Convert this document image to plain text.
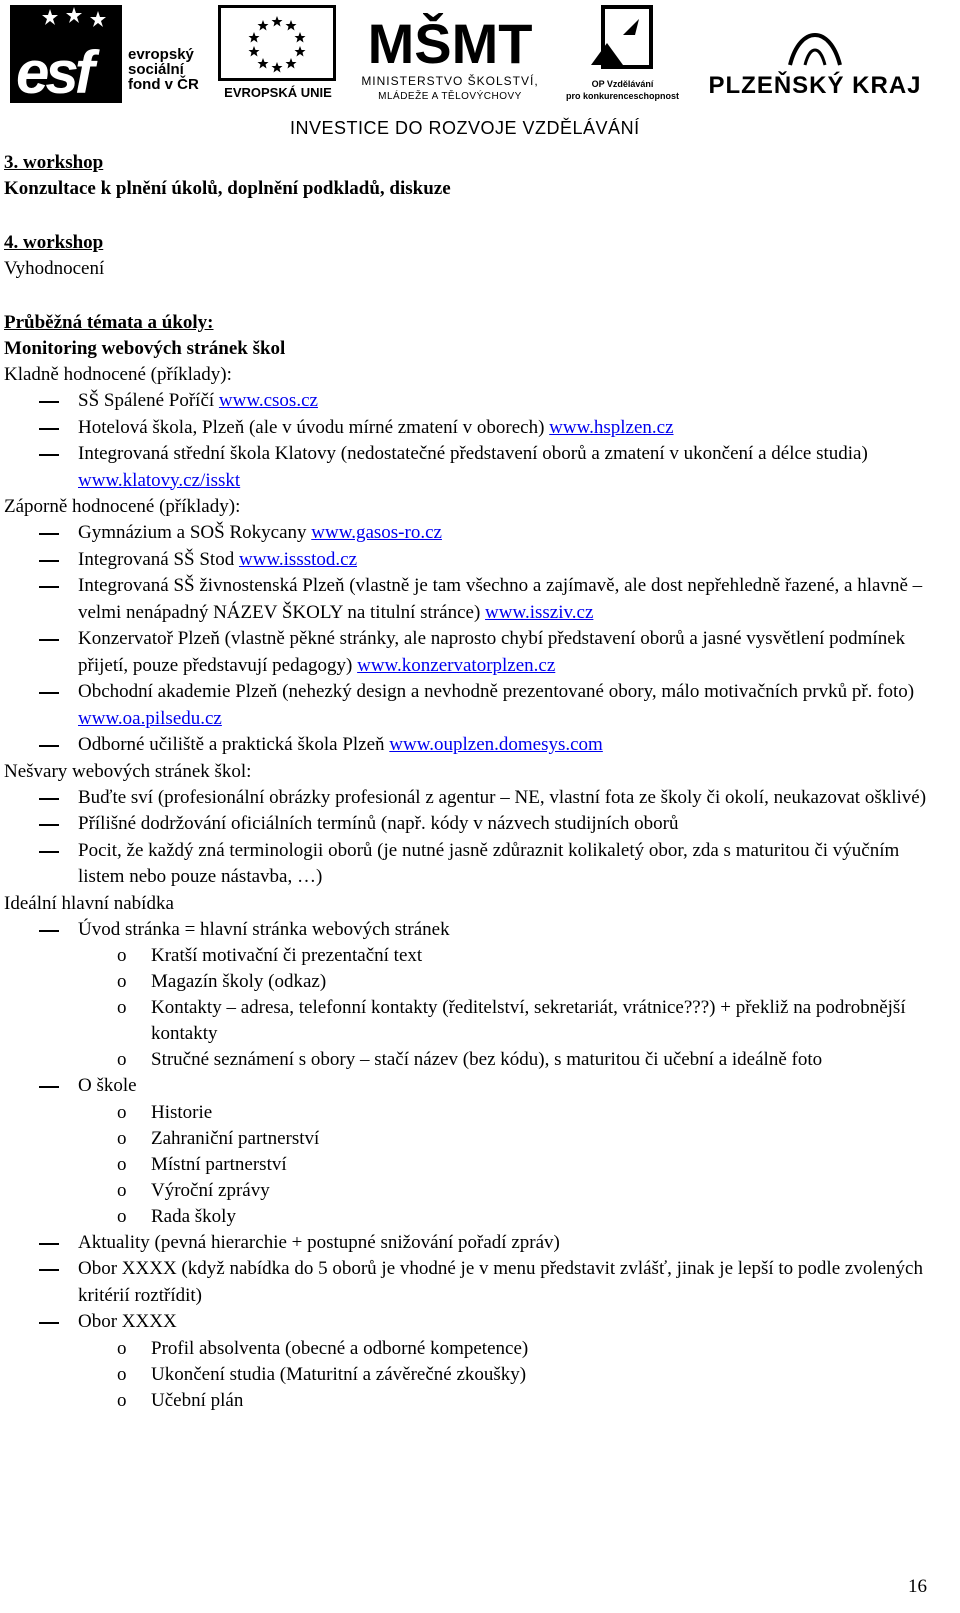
esf evropský
sociální
fond v ČR	EVROPSKÁ UNIE
MŠMT
MINISTERSTVO ŠKOLSTVÍ,
MLÁDEŽE A TĚLOVÝCHOVY
OP Vzdělávání
pro konkurenceschopnost	PLZEŇSKÝ KRAJ
INVESTICE DO ROZVOJE VZDĚLÁVÁNÍ
3. workshop
Konzultace k plnění úkolů, doplnění podkladů, diskuze
4. workshop
Vyhodnocení
Průběžná témata a úkoly:
Monitoring webových stránek škol
Kladně hodnocené (příklady):
SŠ Spálené Poříčí www.csos.cz
Hotelová škola, Plzeň (ale v úvodu mírné zmatení v oborech) www.hsplzen.cz
Integrovaná střední škola Klatovy (nedostatečné představení oborů a zmatení v ukončení a délce studia) www.klatovy.cz/isskt
Záporně hodnocené (příklady):
Gymnázium a SOŠ Rokycany www.gasos-ro.cz
Integrovaná SŠ Stod www.issstod.cz
Integrovaná SŠ živnostenská Plzeň (vlastně je tam všechno a zajímavě, ale dost nepřehledně řazené, a hlavně – velmi nenápadný NÁZEV ŠKOLY na titulní stránce) www.issziv.cz
Konzervatoř Plzeň (vlastně pěkné stránky, ale naprosto chybí představení oborů a jasné vysvětlení podmínek přijetí, pouze představují pedagogy) www.konzervatorplzen.cz
Obchodní akademie Plzeň (nehezký design a nevhodně prezentované obory, málo motivačních prvků př. foto) www.oa.pilsedu.cz
Odborné učiliště a praktická škola Plzeň www.ouplzen.domesys.com
Nešvary webových stránek škol:
Buďte sví (profesionální obrázky profesionál z agentur – NE, vlastní fota ze školy či okolí, neukazovat ošklivé)
Přílišné dodržování oficiálních termínů (např. kódy v názvech studijních oborů
Pocit, že každý zná terminologii oborů (je nutné jasně zdůraznit kolikaletý obor, zda s maturitou či výučním listem nebo pouze nástavba, …)
Ideální hlavní nabídka
Úvod stránka = hlavní stránka webových stránek
o Kratší motivační či prezentační text
o Magazín školy (odkaz)
o Kontakty – adresa, telefonní kontakty (ředitelství, sekretariát, vrátnice???) + překliž na podrobnější kontakty
o Stručné seznámení s obory – stačí název (bez kódu), s maturitou či učební a ideálně foto
O škole
o Historie
o Zahraniční partnerství
o Místní partnerství
o Výroční zprávy
o Rada školy
Aktuality (pevná hierarchie + postupné snižování pořadí zpráv)
Obor XXXX (když nabídka do 5 oborů je vhodné je v menu představit zvlášť, jinak je lepší to podle zvolených kritérií roztřídit)
Obor XXXX
o Profil absolventa (obecné a odborné kompetence)
o Ukončení studia (Maturitní a závěrečné zkoušky)
o Učební plán
16
